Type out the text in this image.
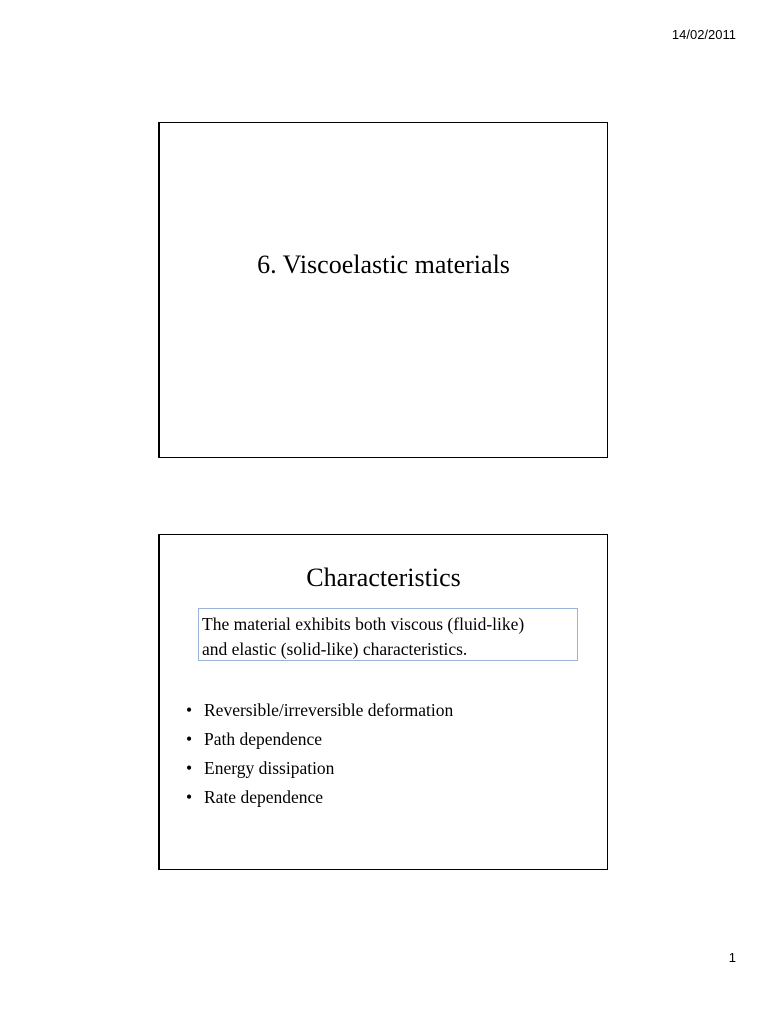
14/02/2011
6. Viscoelastic materials
Characteristics
The material exhibits both viscous (fluid-like)
and elastic (solid-like) characteristics.
• Reversible/irreversible deformation
• Path dependence
• Energy dissipation
• Rate dependence
1
